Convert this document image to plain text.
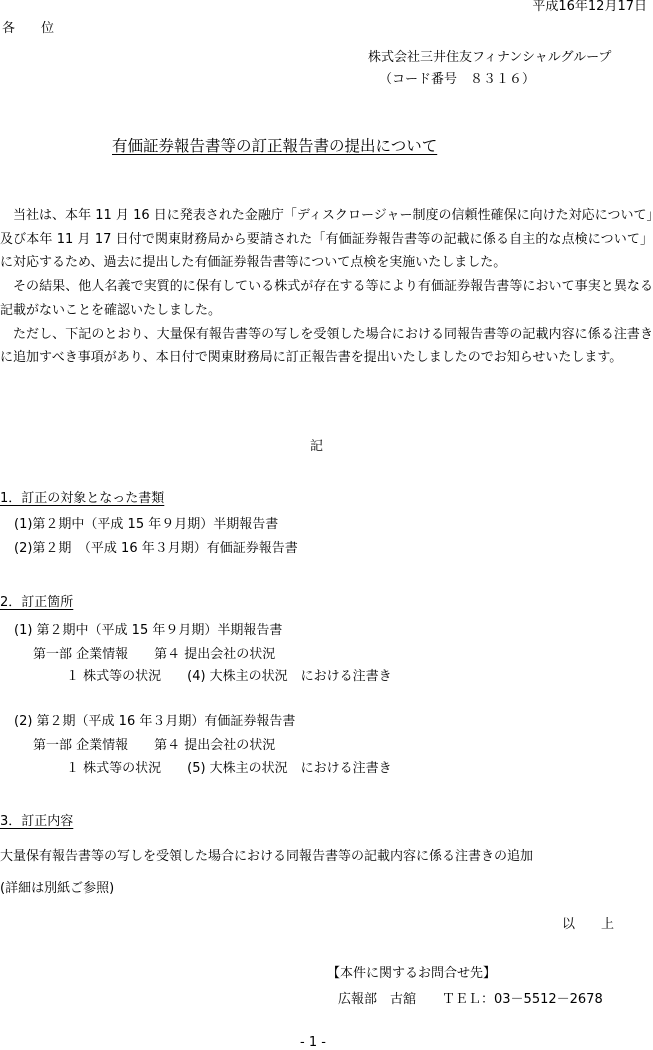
平成16年12月17日
各　　位
株式会社三井住友フィナンシャルグループ
（コード番号　８３１６）
有価証券報告書等の訂正報告書の提出について

当社は、本年 11 月 16 日に発表された金融庁「ディスクロージャー制度の信頼性確保に向けた対応について」及び本年 11 月 17 日付で関東財務局から要請された「有価証券報告書等の記載に係る自主的な点検について」に対応するため、過去に提出した有価証券報告書等について点検を実施いたしました。

その結果、他人名義で実質的に保有している株式が存在する等により有価証券報告書等において事実と異なる記載がないことを確認いたしました。

ただし、下記のとおり、大量保有報告書等の写しを受領した場合における同報告書等の記載内容に係る注書きに追加すべき事項があり、本日付で関東財務局に訂正報告書を提出いたしましたのでお知らせいたします。

記
1．訂正の対象となった書類
(1)第２期中（平成 15 年９月期）半期報告書
(2)第２期　（平成 16 年３月期）有価証券報告書
2．訂正箇所
(1) 第２期中（平成 15 年９月期）半期報告書
第一部 企業情報　　第４ 提出会社の状況
１ 株式等の状況　　(4) 大株主の状況　における注書き
(2) 第２期（平成 16 年３月期）有価証券報告書
第一部 企業情報　　第４ 提出会社の状況
１ 株式等の状況　　(5) 大株主の状況　における注書き
3．訂正内容
大量保有報告書等の写しを受領した場合における同報告書等の記載内容に係る注書きの追加
(詳細は別紙ご参照)
以　　上
【本件に関するお問合せ先】
広報部　古舘　　ＴＥＬ：03－5512－2678
- 1 -
